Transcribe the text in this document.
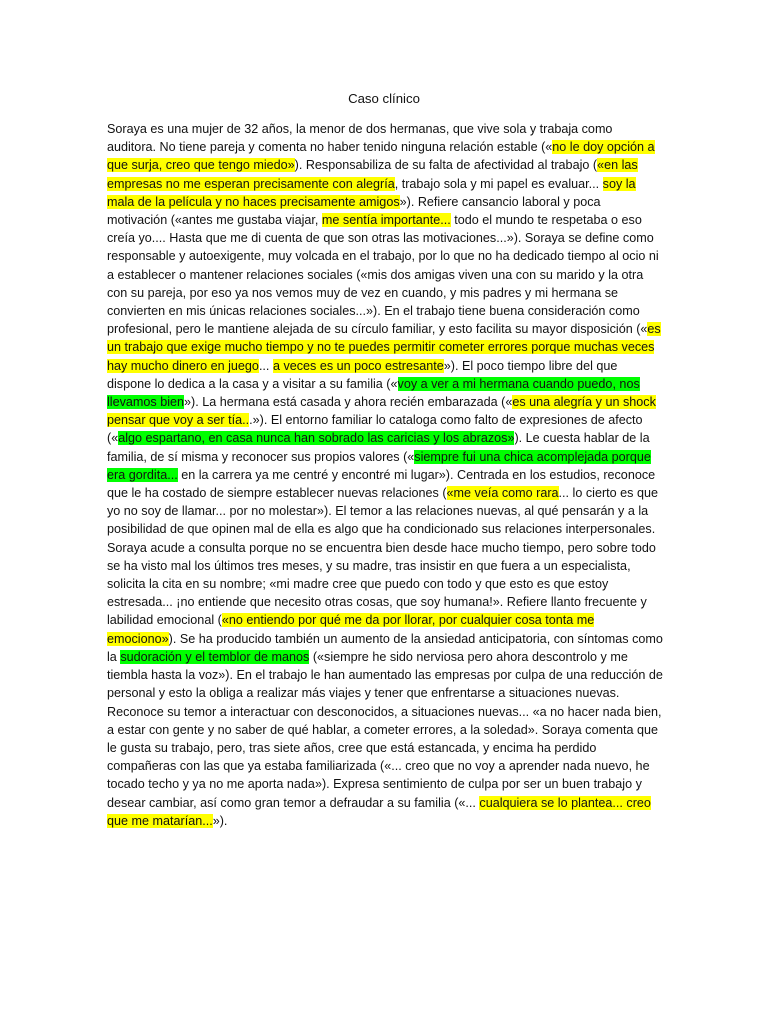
Caso clínico

Soraya es una mujer de 32 años, la menor de dos hermanas, que vive sola y trabaja como auditora. No tiene pareja y comenta no haber tenido ninguna relación estable («no le doy opción a que surja, creo que tengo miedo»). Responsabiliza de su falta de afectividad al trabajo («en las empresas no me esperan precisamente con alegría, trabajo sola y mi papel es evaluar... soy la mala de la película y no haces precisamente amigos»). Refiere cansancio laboral y poca motivación («antes me gustaba viajar, me sentía importante... todo el mundo te respetaba o eso creía yo.... Hasta que me di cuenta de que son otras las motivaciones...»). Soraya se define como responsable y autoexigente, muy volcada en el trabajo, por lo que no ha dedicado tiempo al ocio ni a establecer o mantener relaciones sociales («mis dos amigas viven una con su marido y la otra con su pareja, por eso ya nos vemos muy de vez en cuando, y mis padres y mi hermana se convierten en mis únicas relaciones sociales...»). En el trabajo tiene buena consideración como profesional, pero le mantiene alejada de su círculo familiar, y esto facilita su mayor disposición («es un trabajo que exige mucho tiempo y no te puedes permitir cometer errores porque muchas veces hay mucho dinero en juego... a veces es un poco estresante»). El poco tiempo libre del que dispone lo dedica a la casa y a visitar a su familia («voy a ver a mi hermana cuando puedo, nos llevamos bien»). La hermana está casada y ahora recién embarazada («es una alegría y un shock pensar que voy a ser tía...»). El entorno familiar lo cataloga como falto de expresiones de afecto («algo espartano, en casa nunca han sobrado las caricias y los abrazos»). Le cuesta hablar de la familia, de sí misma y reconocer sus propios valores («siempre fui una chica acomplejada porque era gordita... en la carrera ya me centré y encontré mi lugar»). Centrada en los estudios, reconoce que le ha costado de siempre establecer nuevas relaciones («me veía como rara... lo cierto es que yo no soy de llamar... por no molestar»). El temor a las relaciones nuevas, al qué pensarán y a la posibilidad de que opinen mal de ella es algo que ha condicionado sus relaciones interpersonales. Soraya acude a consulta porque no se encuentra bien desde hace mucho tiempo, pero sobre todo se ha visto mal los últimos tres meses, y su madre, tras insistir en que fuera a un especialista, solicita la cita en su nombre; «mi madre cree que puedo con todo y que esto es que estoy estresada... ¡no entiende que necesito otras cosas, que soy humana!». Refiere llanto frecuente y labilidad emocional («no entiendo por qué me da por llorar, por cualquier cosa tonta me emociono»). Se ha producido también un aumento de la ansiedad anticipatoria, con síntomas como la sudoración y el temblor de manos («siempre he sido nerviosa pero ahora descontrolo y me tiembla hasta la voz»). En el trabajo le han aumentado las empresas por culpa de una reducción de personal y esto la obliga a realizar más viajes y tener que enfrentarse a situaciones nuevas. Reconoce su temor a interactuar con desconocidos, a situaciones nuevas... «a no hacer nada bien, a estar con gente y no saber de qué hablar, a cometer errores, a la soledad». Soraya comenta que le gusta su trabajo, pero, tras siete años, cree que está estancada, y encima ha perdido compañeras con las que ya estaba familiarizada («... creo que no voy a aprender nada nuevo, he tocado techo y ya no me aporta nada»). Expresa sentimiento de culpa por ser un buen trabajo y desear cambiar, así como gran temor a defraudar a su familia («... cualquiera se lo plantea... creo que me matarían...»).
